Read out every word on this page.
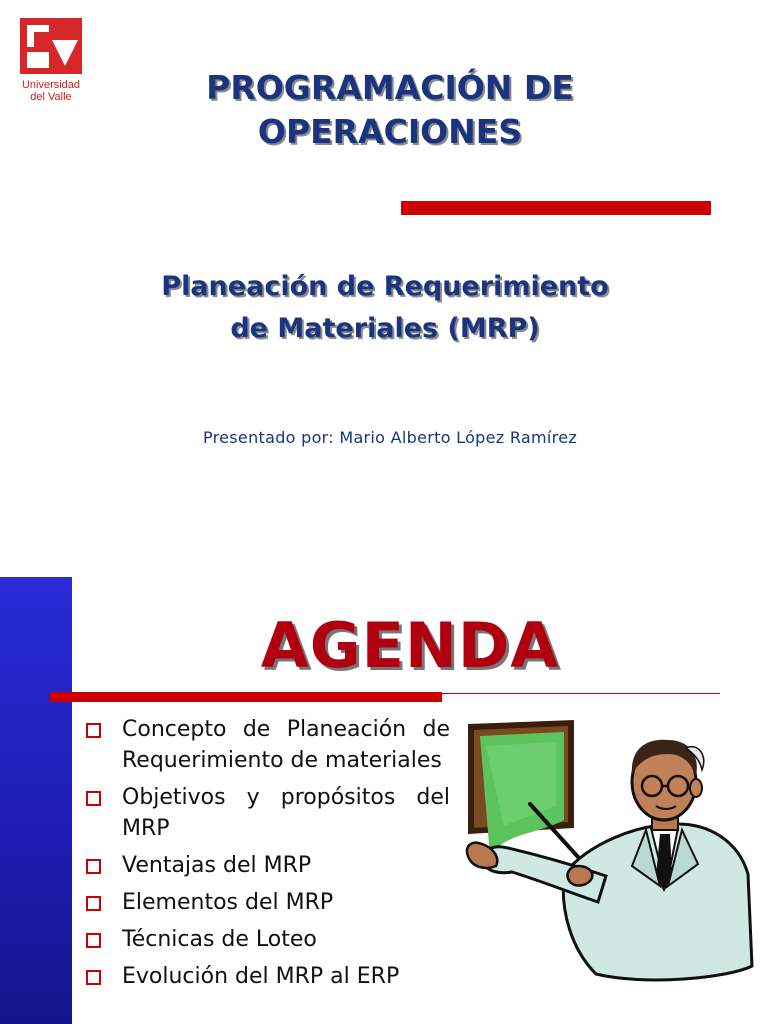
Universidad
del Valle	PROGRAMACIÓN DE
OPERACIONES
Planeación de Requerimiento
de Materiales (MRP)

Presentado por: Mario Alberto López Ramírez

AGENDA
Concepto de Planeación de Requerimiento de materiales
Objetivos y propósitos del MRP
Ventajas del MRP
Elementos del MRP
Técnicas de Loteo
Evolución del MRP al ERP
